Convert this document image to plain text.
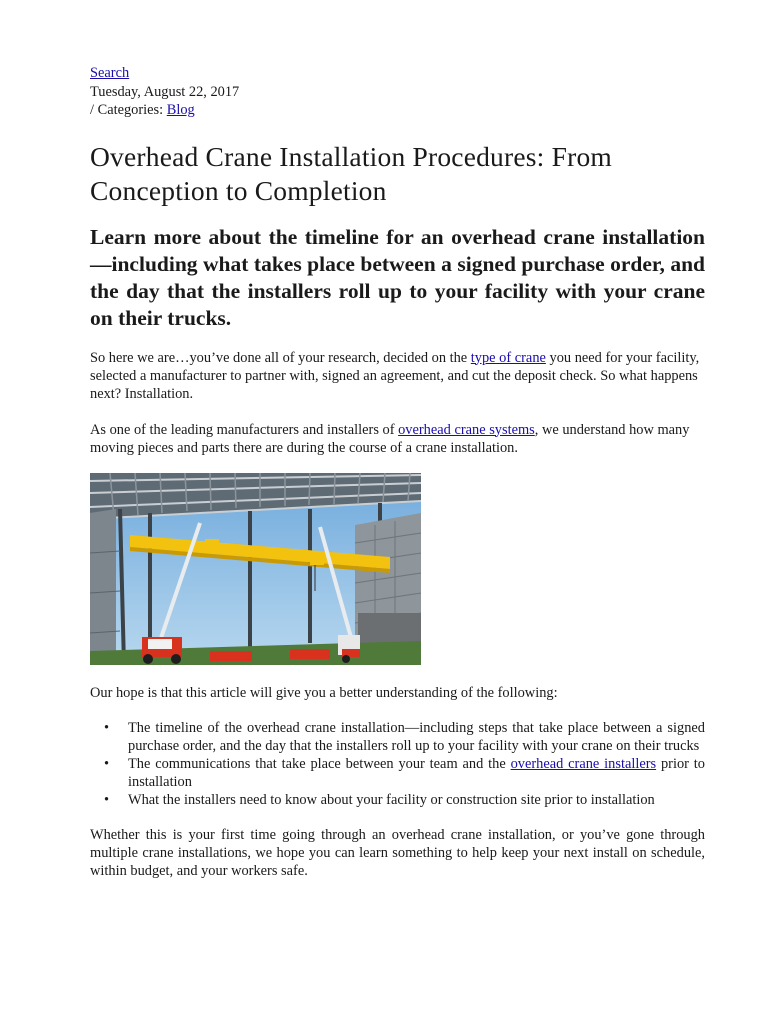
Search
Tuesday, August 22, 2017
/ Categories: Blog
Overhead Crane Installation Procedures: From Conception to Completion
Learn more about the timeline for an overhead crane installation—including what takes place between a signed purchase order, and the day that the installers roll up to your facility with your crane on their trucks.

So here we are…you’ve done all of your research, decided on the type of crane you need for your facility, selected a manufacturer to partner with, signed an agreement, and cut the deposit check. So what happens next? Installation.

As one of the leading manufacturers and installers of overhead crane systems, we understand how many moving pieces and parts there are during the course of a crane installation.

Our hope is that this article will give you a better understanding of the following:

• The timeline of the overhead crane installation—including steps that take place between a signed purchase order, and the day that the installers roll up to your facility with your crane on their trucks
• The communications that take place between your team and the overhead crane installers prior to installation
• What the installers need to know about your facility or construction site prior to installation

Whether this is your first time going through an overhead crane installation, or you’ve gone through multiple crane installations, we hope you can learn something to help keep your next install on schedule, within budget, and your workers safe.
